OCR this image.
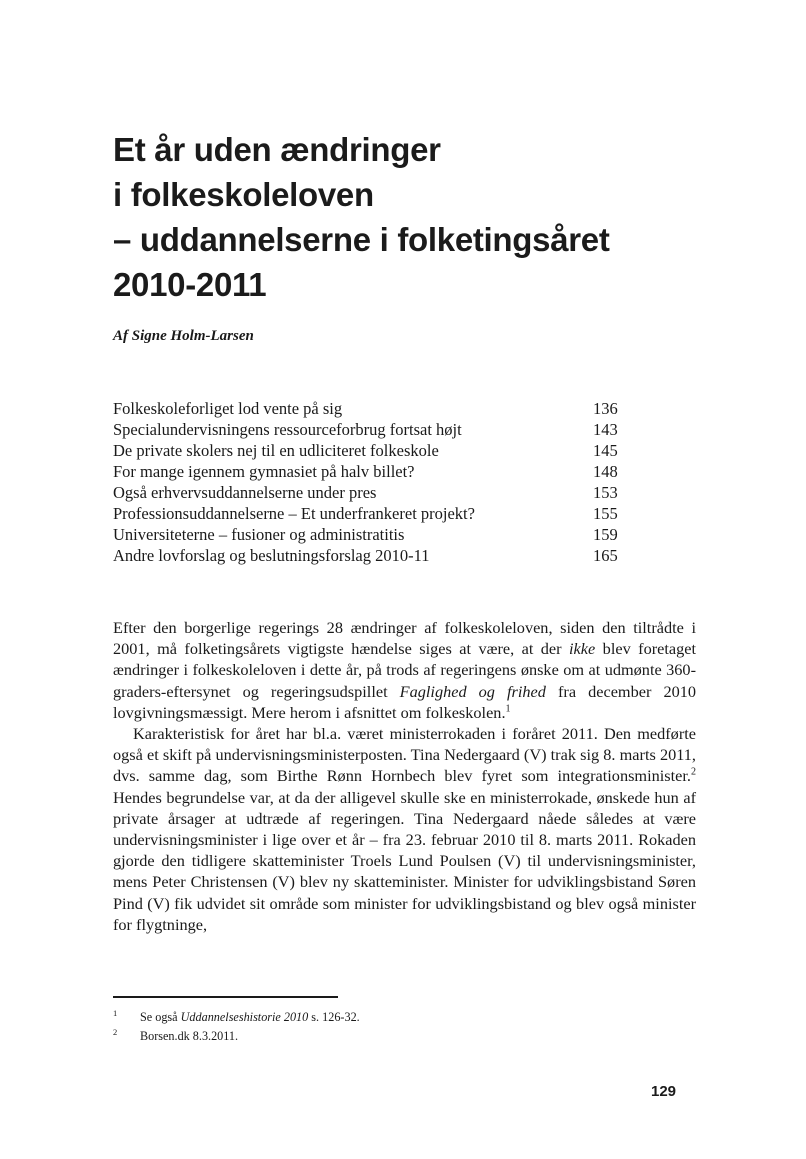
Et år uden ændringer
i folkeskoleloven
– uddannelserne i folketingsåret
2010-2011
Af Signe Holm-Larsen
Folkeskoleforliget lod vente på sig	136
Specialundervisningens ressourceforbrug fortsat højt	143
De private skolers nej til en udliciteret folkeskole	145
For mange igennem gymnasiet på halv billet?	148
Også erhvervsuddannelserne under pres	153
Professionsuddannelserne – Et underfrankeret projekt?	155
Universiteterne – fusioner og administratitis	159
Andre lovforslag og beslutningsforslag 2010-11	165

Efter den borgerlige regerings 28 ændringer af folkeskoleloven, siden den tiltrådte i 2001, må folketingsårets vigtigste hændelse siges at være, at der ikke blev foretaget ændringer i folkeskoleloven i dette år, på trods af regeringens ønske om at udmønte 360-graders-eftersynet og regeringsudspillet Faglighed og frihed fra december 2010 lovgivningsmæssigt. Mere herom i afsnittet om folkeskolen.$^1$

Karakteristisk for året har bl.a. været ministerrokaden i foråret 2011. Den medførte også et skift på undervisningsministerposten. Tina Nedergaard (V) trak sig 8. marts 2011, dvs. samme dag, som Birthe Rønn Hornbech blev fyret som integrationsminister.$^2$ Hendes begrundelse var, at da der alligevel skulle ske en ministerrokade, ønskede hun af private årsager at udtræde af regeringen. Tina Nedergaard nåede således at være undervisningsminister i lige over et år – fra 23. februar 2010 til 8. marts 2011. Rokaden gjorde den tidligere skatteminister Troels Lund Poulsen (V) til undervisningsminister, mens Peter Christensen (V) blev ny skatteminister. Minister for udviklingsbistand Søren Pind (V) fik udvidet sit område som minister for udviklingsbistand og blev også minister for flygtninge,

1 Se også Uddannelseshistorie 2010 s. 126-32.
2 Borsen.dk 8.3.2011.
129
